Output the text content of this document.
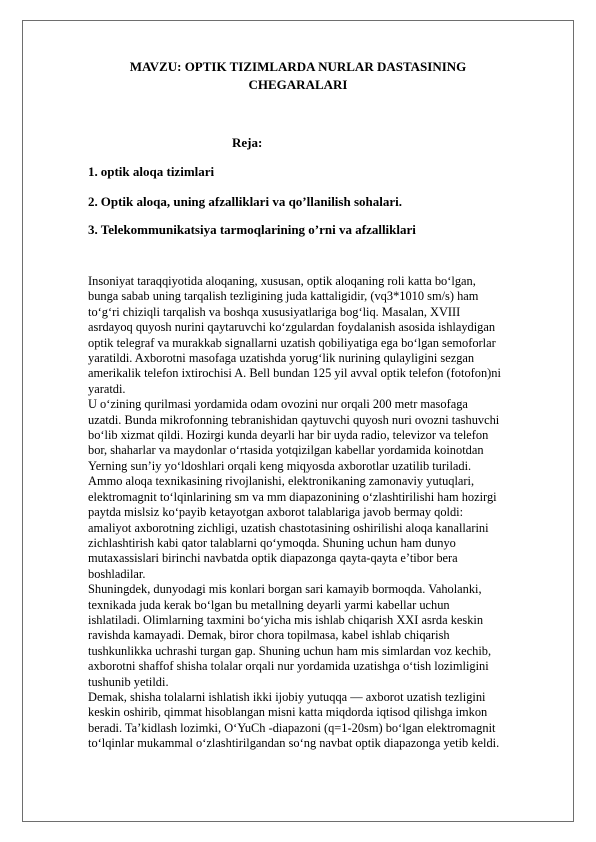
MAVZU: OPTIK TIZIMLARDA NURLAR DASTASINING
CHEGARALARI
Reja:
1. optik aloqa tizimlari
2. Optik aloqa, uning afzalliklari va qo’llanilish sohalari.
3. Telekommunikatsiya tarmoqlarining o’rni va afzalliklari

Insoniyat taraqqiyotida aloqaning, xususan, optik aloqaning roli katta bo‘lgan,

bunga sabab uning tarqalish tezligining juda kattaligidir, (vq3*1010 sm/s) ham

to‘g‘ri chiziqli tarqalish va boshqa xususiyatlariga bog‘liq. Masalan, XVIII

asrdayoq quyosh nurini qaytaruvchi ko‘zgulardan foydalanish asosida ishlaydigan

optik telegraf va murakkab signallarni uzatish qobiliyatiga ega bo‘lgan semoforlar

yaratildi. Axborotni masofaga uzatishda yorug‘lik nurining qulayligini sezgan

amerikalik telefon ixtirochisi A. Bell bundan 125 yil avval optik telefon (fotofon)ni

yaratdi.

U o‘zining qurilmasi yordamida odam ovozini nur orqali 200 metr masofaga

uzatdi. Bunda mikrofonning tebranishidan qaytuvchi quyosh nuri ovozni tashuvchi

bo‘lib xizmat qildi. Hozirgi kunda deyarli har bir uyda radio, televizor va telefon

bor, shaharlar va maydonlar o‘rtasida yotqizilgan kabellar yordamida koinotdan

Yerning sun’iy yo‘ldoshlari orqali keng miqyosda axborotlar uzatilib turiladi.

Ammo aloqa texnikasining rivojlanishi, elektronikaning zamonaviy yutuqlari,

elektromagnit to‘lqinlarining sm va mm diapazonining o‘zlashtirilishi ham hozirgi

paytda mislsiz ko‘payib ketayotgan axborot talablariga javob bermay qoldi:

amaliyot axborotning zichligi, uzatish chastotasining oshirilishi aloqa kanallarini

zichlashtirish kabi qator talablarni qo‘ymoqda. Shuning uchun ham dunyo

mutaxassislari birinchi navbatda optik diapazonga qayta-qayta e’tibor bera

boshladilar.

Shuningdek, dunyodagi mis konlari borgan sari kamayib bormoqda. Vaholanki,

texnikada juda kerak bo‘lgan bu metallning deyarli yarmi kabellar uchun

ishlatiladi. Olimlarning taxmini bo‘yicha mis ishlab chiqarish XXI asrda keskin

ravishda kamayadi. Demak, biror chora topilmasa, kabel ishlab chiqarish

tushkunlikka uchrashi turgan gap. Shuning uchun ham mis simlardan voz kechib,

axborotni shaffof shisha tolalar orqali nur yordamida uzatishga o‘tish lozimligini

tushunib yetildi.

Demak, shisha tolalarni ishlatish ikki ijobiy yutuqqa — axborot uzatish tezligini

keskin oshirib, qimmat hisoblangan misni katta miqdorda iqtisod qilishga imkon

beradi. Ta’kidlash lozimki, O‘YuCh -diapazoni (q=1-20sm) bo‘lgan elektromagnit

to‘lqinlar mukammal o‘zlashtirilgandan so‘ng navbat optik diapazonga yetib keldi.
